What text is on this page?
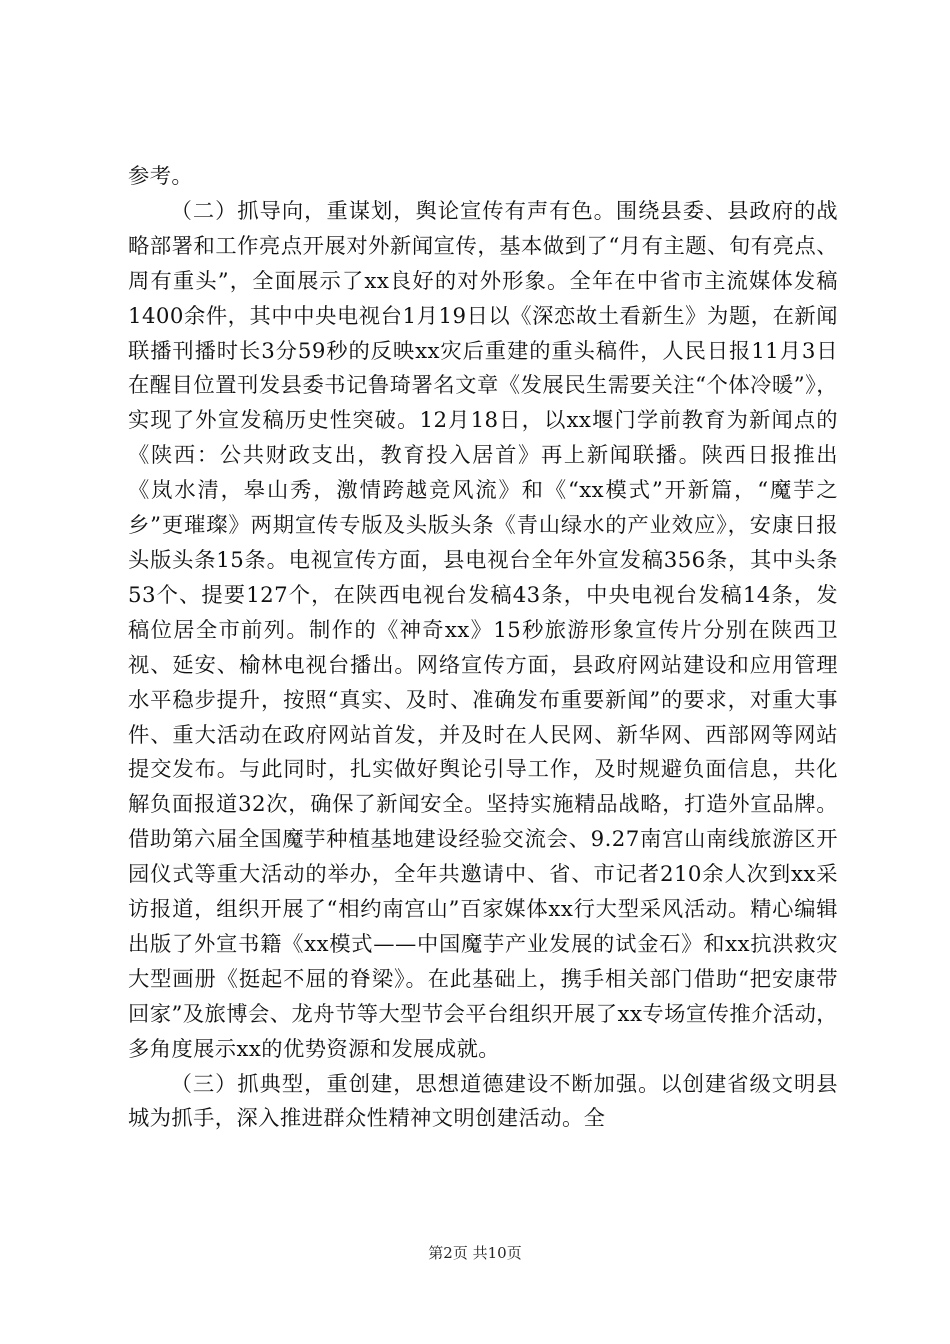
参考。

（二）抓导向，重谋划，舆论宣传有声有色。围绕县委、县政府的战略部署和工作亮点开展对外新闻宣传，基本做到了“月有主题、旬有亮点、周有重头”，全面展示了xx良好的对外形象。全年在中省市主流媒体发稿1400余件，其中中央电视台1月19日以《深恋故土看新生》为题，在新闻联播刊播时长3分59秒的反映xx灾后重建的重头稿件，人民日报11月3日在醒目位置刊发县委书记鲁琦署名文章《发展民生需要关注“个体冷暖”》，实现了外宣发稿历史性突破。12月18日，以xx堰门学前教育为新闻点的《陕西：公共财政支出，教育投入居首》再上新闻联播。陕西日报推出《岚水清，皋山秀，激情跨越竞风流》和《“xx模式”开新篇，“魔芋之乡”更璀璨》两期宣传专版及头版头条《青山绿水的产业效应》，安康日报头版头条15条。电视宣传方面，县电视台全年外宣发稿356条，其中头条53个、提要127个，在陕西电视台发稿43条，中央电视台发稿14条，发稿位居全市前列。制作的《神奇xx》15秒旅游形象宣传片分别在陕西卫视、延安、榆林电视台播出。网络宣传方面，县政府网站建设和应用管理水平稳步提升，按照“真实、及时、准确发布重要新闻”的要求，对重大事件、重大活动在政府网站首发，并及时在人民网、新华网、西部网等网站提交发布。与此同时，扎实做好舆论引导工作，及时规避负面信息，共化解负面报道32次，确保了新闻安全。坚持实施精品战略，打造外宣品牌。借助第六届全国魔芋种植基地建设经验交流会、9.27南宫山南线旅游区开园仪式等重大活动的举办，全年共邀请中、省、市记者210余人次到xx采访报道，组织开展了“相约南宫山”百家媒体xx行大型采风活动。精心编辑出版了外宣书籍《xx模式——中国魔芋产业发展的试金石》和xx抗洪救灾大型画册《挺起不屈的脊梁》。在此基础上，携手相关部门借助“把安康带回家”及旅博会、龙舟节等大型节会平台组织开展了xx专场宣传推介活动，多角度展示xx的优势资源和发展成就。

（三）抓典型，重创建，思想道德建设不断加强。以创建省级文明县城为抓手，深入推进群众性精神文明创建活动。全

第2页 共10页
